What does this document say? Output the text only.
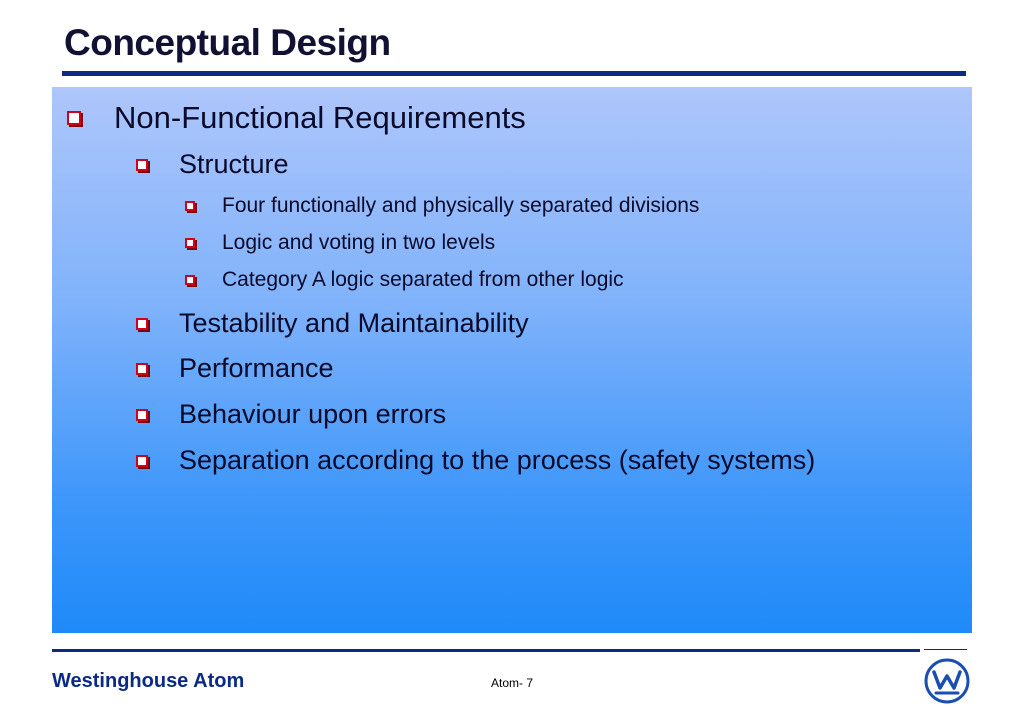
Conceptual Design
Non-Functional Requirements
Structure
Four functionally and physically separated divisions
Logic and voting in two levels
Category A logic separated from other logic
Testability and Maintainability
Performance
Behaviour upon errors
Separation according to the process (safety systems)
Westinghouse Atom	Atom- 7
